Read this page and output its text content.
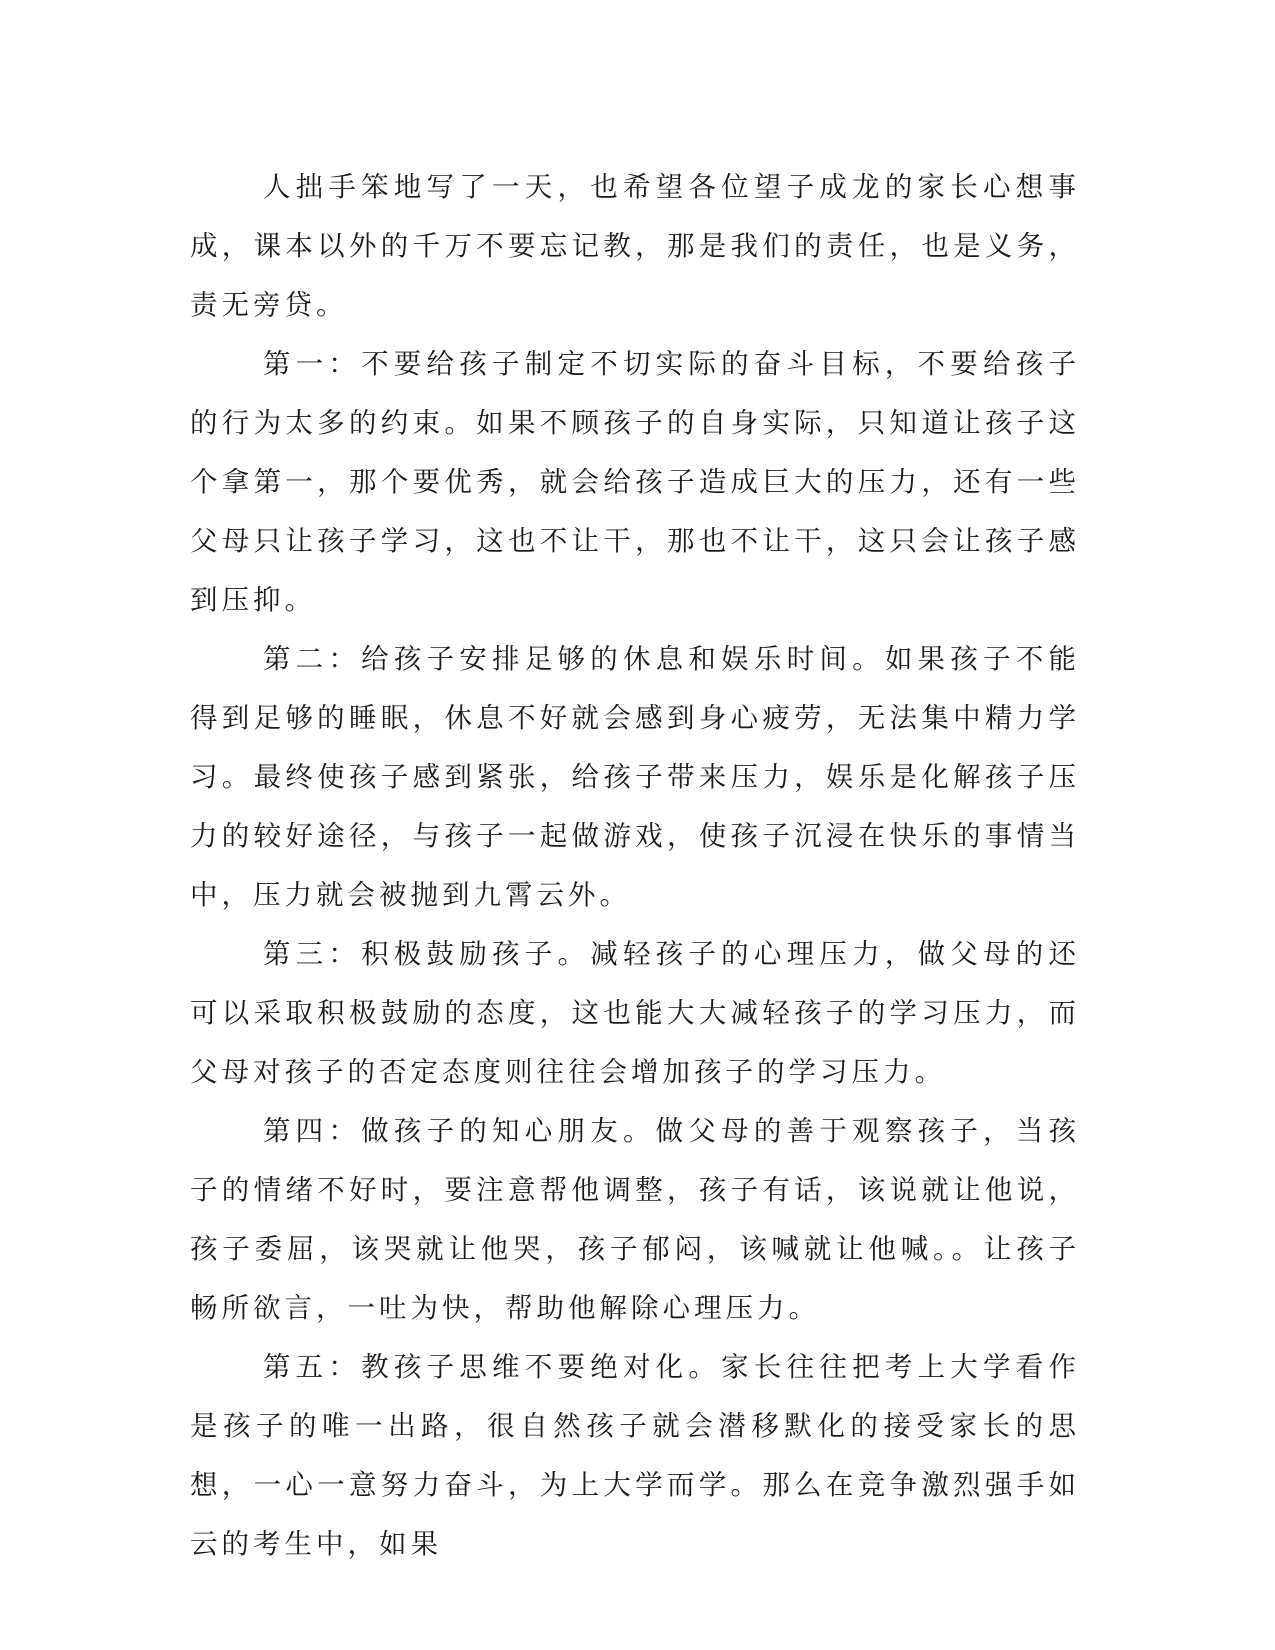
人拙手笨地写了一天，也希望各位望子成龙的家长心想事成，课本以外的千万不要忘记教，那是我们的责任，也是义务，责无旁贷。

第一：不要给孩子制定不切实际的奋斗目标，不要给孩子的行为太多的约束。如果不顾孩子的自身实际，只知道让孩子这个拿第一，那个要优秀，就会给孩子造成巨大的压力，还有一些父母只让孩子学习，这也不让干，那也不让干，这只会让孩子感到压抑。

第二：给孩子安排足够的休息和娱乐时间。如果孩子不能得到足够的睡眠，休息不好就会感到身心疲劳，无法集中精力学习。最终使孩子感到紧张，给孩子带来压力，娱乐是化解孩子压力的较好途径，与孩子一起做游戏，使孩子沉浸在快乐的事情当中，压力就会被抛到九霄云外。

第三：积极鼓励孩子。减轻孩子的心理压力，做父母的还可以采取积极鼓励的态度，这也能大大减轻孩子的学习压力，而父母对孩子的否定态度则往往会增加孩子的学习压力。

第四：做孩子的知心朋友。做父母的善于观察孩子，当孩子的情绪不好时，要注意帮他调整，孩子有话，该说就让他说，孩子委屈，该哭就让他哭，孩子郁闷，该喊就让他喊。。让孩子畅所欲言，一吐为快，帮助他解除心理压力。

第五：教孩子思维不要绝对化。家长往往把考上大学看作是孩子的唯一出路，很自然孩子就会潜移默化的接受家长的思想，一心一意努力奋斗，为上大学而学。那么在竞争激烈强手如云的考生中，如果
